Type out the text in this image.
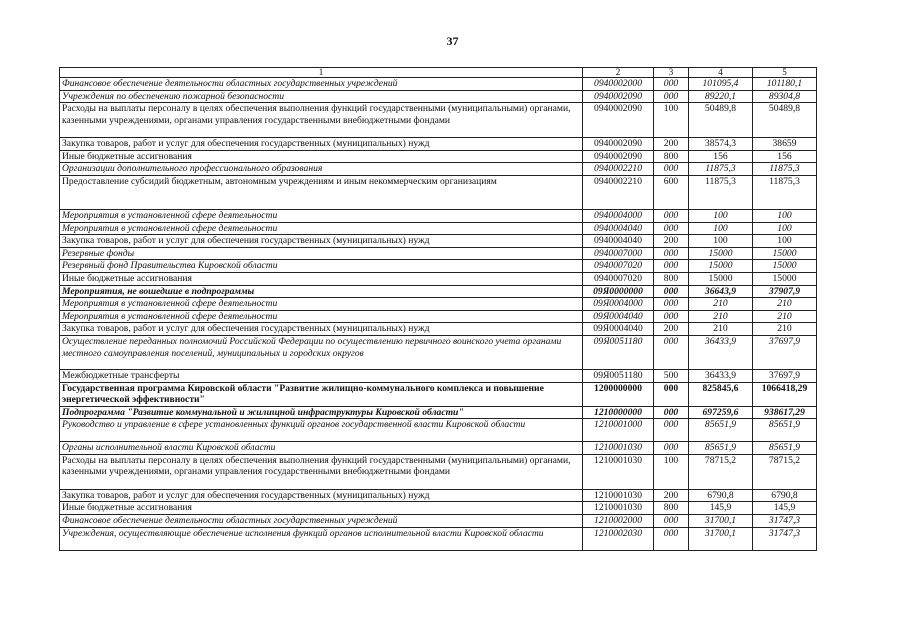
37
1	2	3	4	5
Финансовое обеспечение деятельности областных государственных учреждений	0940002000	000	101095,4	101180,1
Учреждения по обеспечению пожарной безопасности	0940002090	000	89220,1	89304,8
Расходы на выплаты персоналу в целях обеспечения выполнения функций государственными (муниципальными) органами, казенными учреждениями, органами управления государственными внебюджетными фондами	0940002090	100	50489,8	50489,8
Закупка товаров, работ и услуг для обеспечения государственных (муниципальных) нужд	0940002090	200	38574,3	38659
Иные бюджетные ассигнования	0940002090	800	156	156
Организации дополнительного профессионального образования	0940002210	000	11875,3	11875,3
Предоставление субсидий бюджетным, автономным учреждениям и иным некоммерческим организациям	0940002210	600	11875,3	11875,3
Мероприятия в установленной сфере деятельности	0940004000	000	100	100
Мероприятия в установленной сфере деятельности	0940004040	000	100	100
Закупка товаров, работ и услуг для обеспечения государственных (муниципальных) нужд	0940004040	200	100	100
Резервные фонды	0940007000	000	15000	15000
Резервный фонд Правительства Кировской области	0940007020	000	15000	15000
Иные бюджетные ассигнования	0940007020	800	15000	15000
Мероприятия, не вошедшие в подпрограммы	09Я0000000	000	36643,9	37907,9
Мероприятия в установленной сфере деятельности	09Я0004000	000	210	210
Мероприятия в установленной сфере деятельности	09Я0004040	000	210	210
Закупка товаров, работ и услуг для обеспечения государственных (муниципальных) нужд	09Я0004040	200	210	210
Осуществление переданных полномочий Российской Федерации по осуществлению первичного воинского учета органами местного самоуправления поселений, муниципальных и городских округов	09Я0051180	000	36433,9	37697,9
Межбюджетные трансферты	09Я0051180	500	36433,9	37697,9
Государственная программа Кировской области "Развитие жилищно-коммунального комплекса и повышение энергетической эффективности"	1200000000	000	825845,6	1066418,29
Подпрограмма "Развитие коммунальной и жилищной инфраструктуры Кировской области"	1210000000	000	697259,6	938617,29
Руководство и управление в сфере установленных функций органов государственной власти Кировской области	1210001000	000	85651,9	85651,9
Органы исполнительной власти Кировской области	1210001030	000	85651,9	85651,9
Расходы на выплаты персоналу в целях обеспечения выполнения функций государственными (муниципальными) органами, казенными учреждениями, органами управления государственными внебюджетными фондами	1210001030	100	78715,2	78715,2
Закупка товаров, работ и услуг для обеспечения государственных (муниципальных) нужд	1210001030	200	6790,8	6790,8
Иные бюджетные ассигнования	1210001030	800	145,9	145,9
Финансовое обеспечение деятельности областных государственных учреждений	1210002000	000	31700,1	31747,3
Учреждения, осуществляющие обеспечение исполнения функций органов исполнительной власти Кировской области	1210002030	000	31700,1	31747,3
